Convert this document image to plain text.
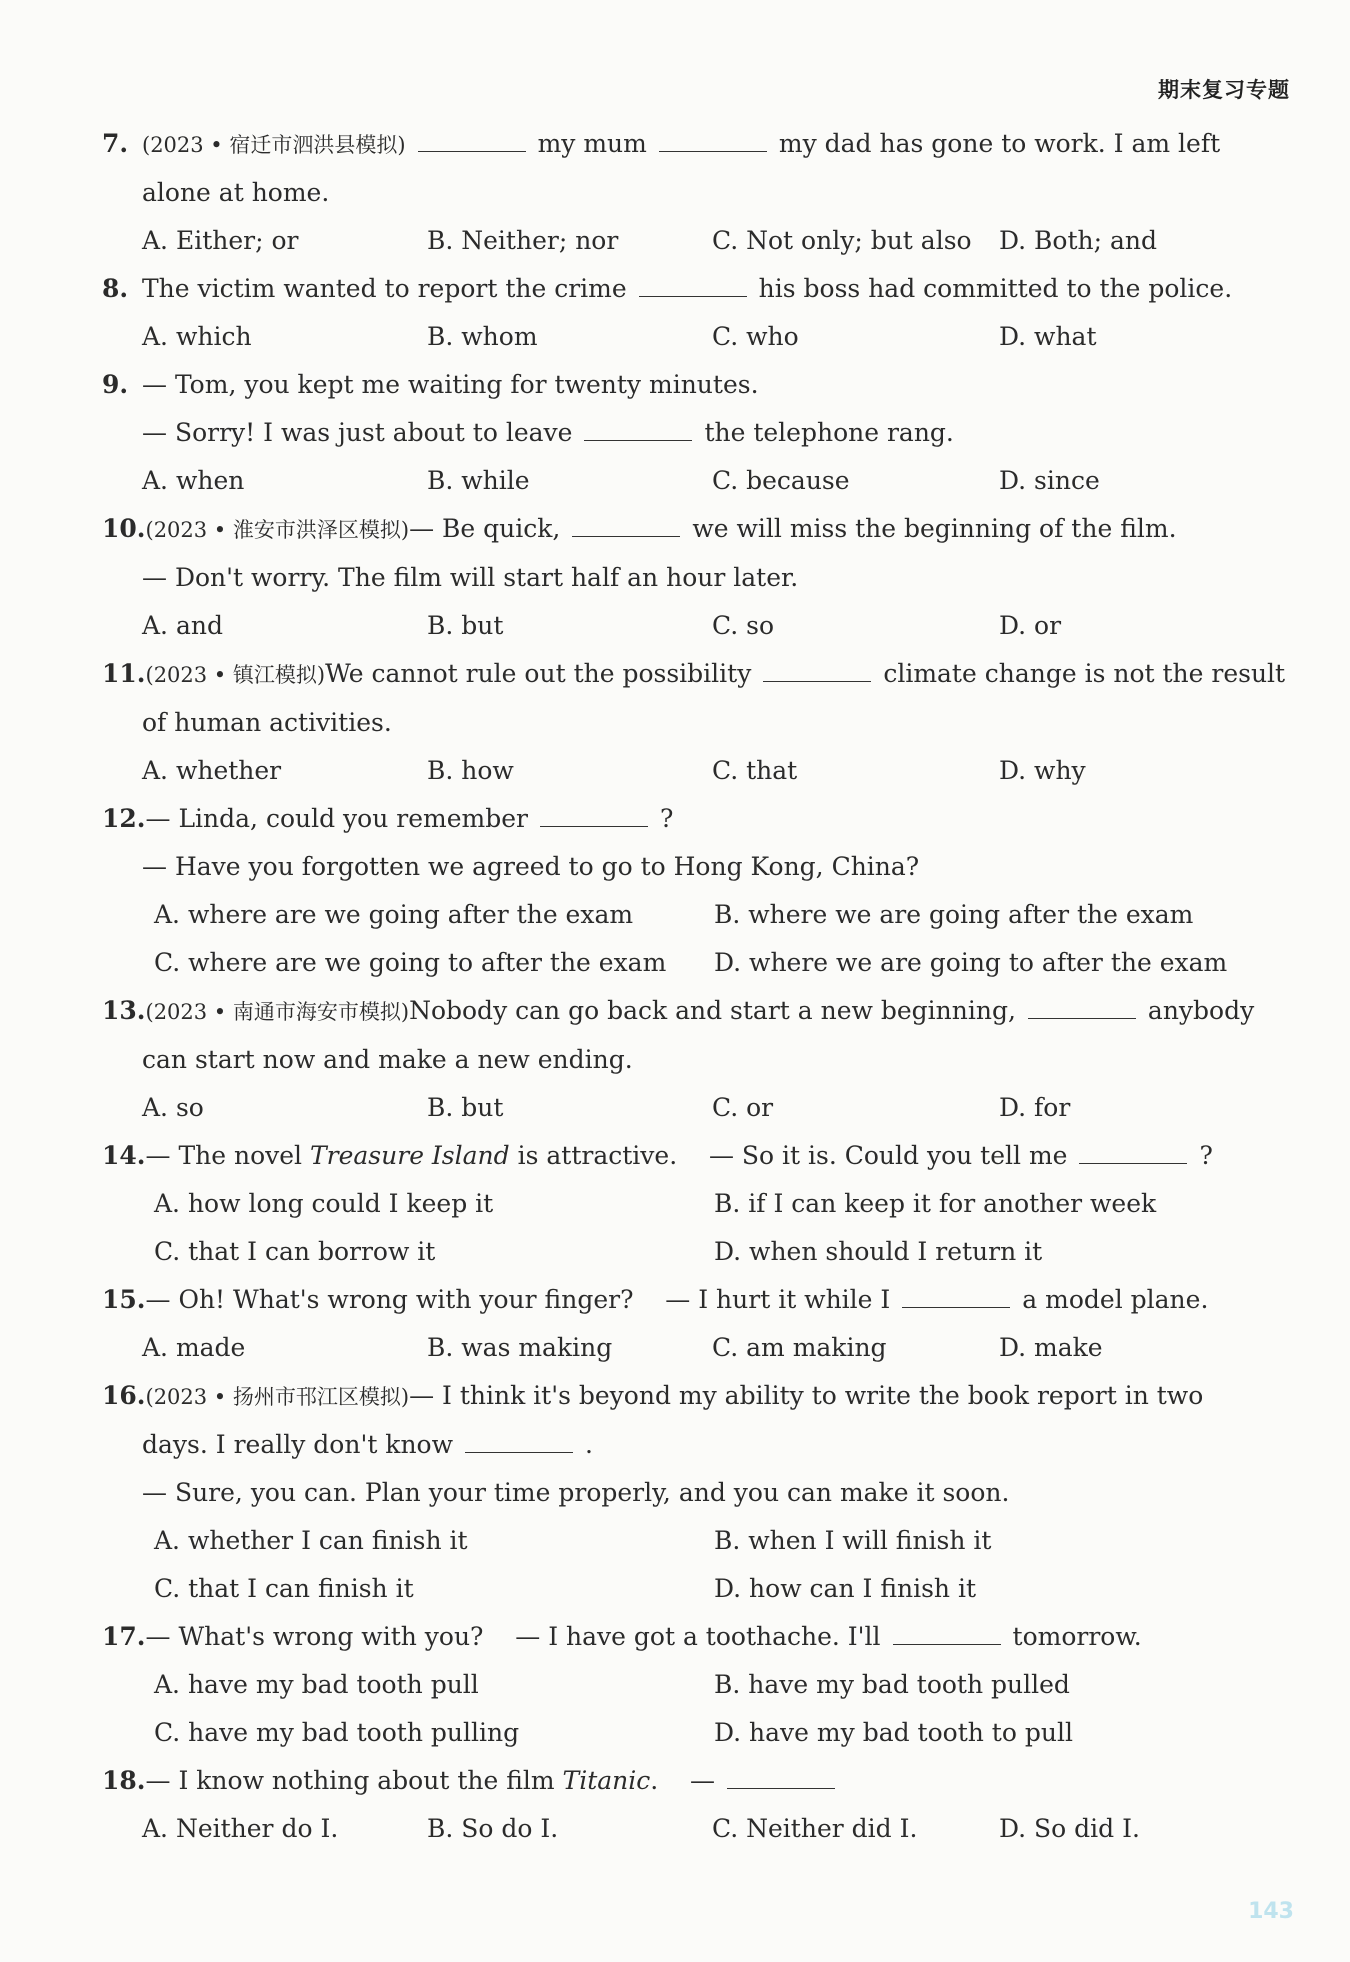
期末复习专题
7. (2023 • 宿迁市泗洪县模拟)	my mum	my dad has gone to work. I am left
alone at home.
A. Either; or	B. Neither; nor	C. Not only; but also D. Both; and
8. The victim wanted to report the crime	his boss had committed to the police.
A. which	B. whom	C. who	D. what
9. — Tom, you kept me waiting for twenty minutes.
— Sorry! I was just about to leave	the telephone rang.
A. when	B. while	C. because	D. since
10.(2023 • 淮安市洪泽区模拟)— Be quick,	we will miss the beginning of the film.
— Don't worry. The film will start half an hour later.
A. and	B. but	C. so	D. or
11.(2023 • 镇江模拟)We cannot rule out the possibility	climate change is not the result
of human activities.
A. whether	B. how	C. that	D. why
12.— Linda, could you remember	?
— Have you forgotten we agreed to go to Hong Kong, China?
A. where are we going after the exam	B. where we are going after the exam
C. where are we going to after the exam D. where we are going to after the exam
13.(2023 • 南通市海安市模拟)Nobody can go back and start a new beginning,	anybody
can start now and make a new ending.
A. so	B. but	C. or	D. for
14.— The novel Treasure Island is attractive. — So it is. Could you tell me	?
A. how long could I keep it	B. if I can keep it for another week
C. that I can borrow it	D. when should I return it
15.— Oh! What's wrong with your finger? — I hurt it while I	a model plane.
A. made	B. was making	C. am making	D. make
16.(2023 • 扬州市邗江区模拟)— I think it's beyond my ability to write the book report in two
days. I really don't know	.
— Sure, you can. Plan your time properly, and you can make it soon.
A. whether I can finish it	B. when I will finish it
C. that I can finish it	D. how can I finish it
17.— What's wrong with you? — I have got a toothache. I'll	tomorrow.
A. have my bad tooth pull	B. have my bad tooth pulled
C. have my bad tooth pulling	D. have my bad tooth to pull
18.— I know nothing about the film Titanic. —
A. Neither do I.	B. So do I.	C. Neither did I.	D. So did I.
143
